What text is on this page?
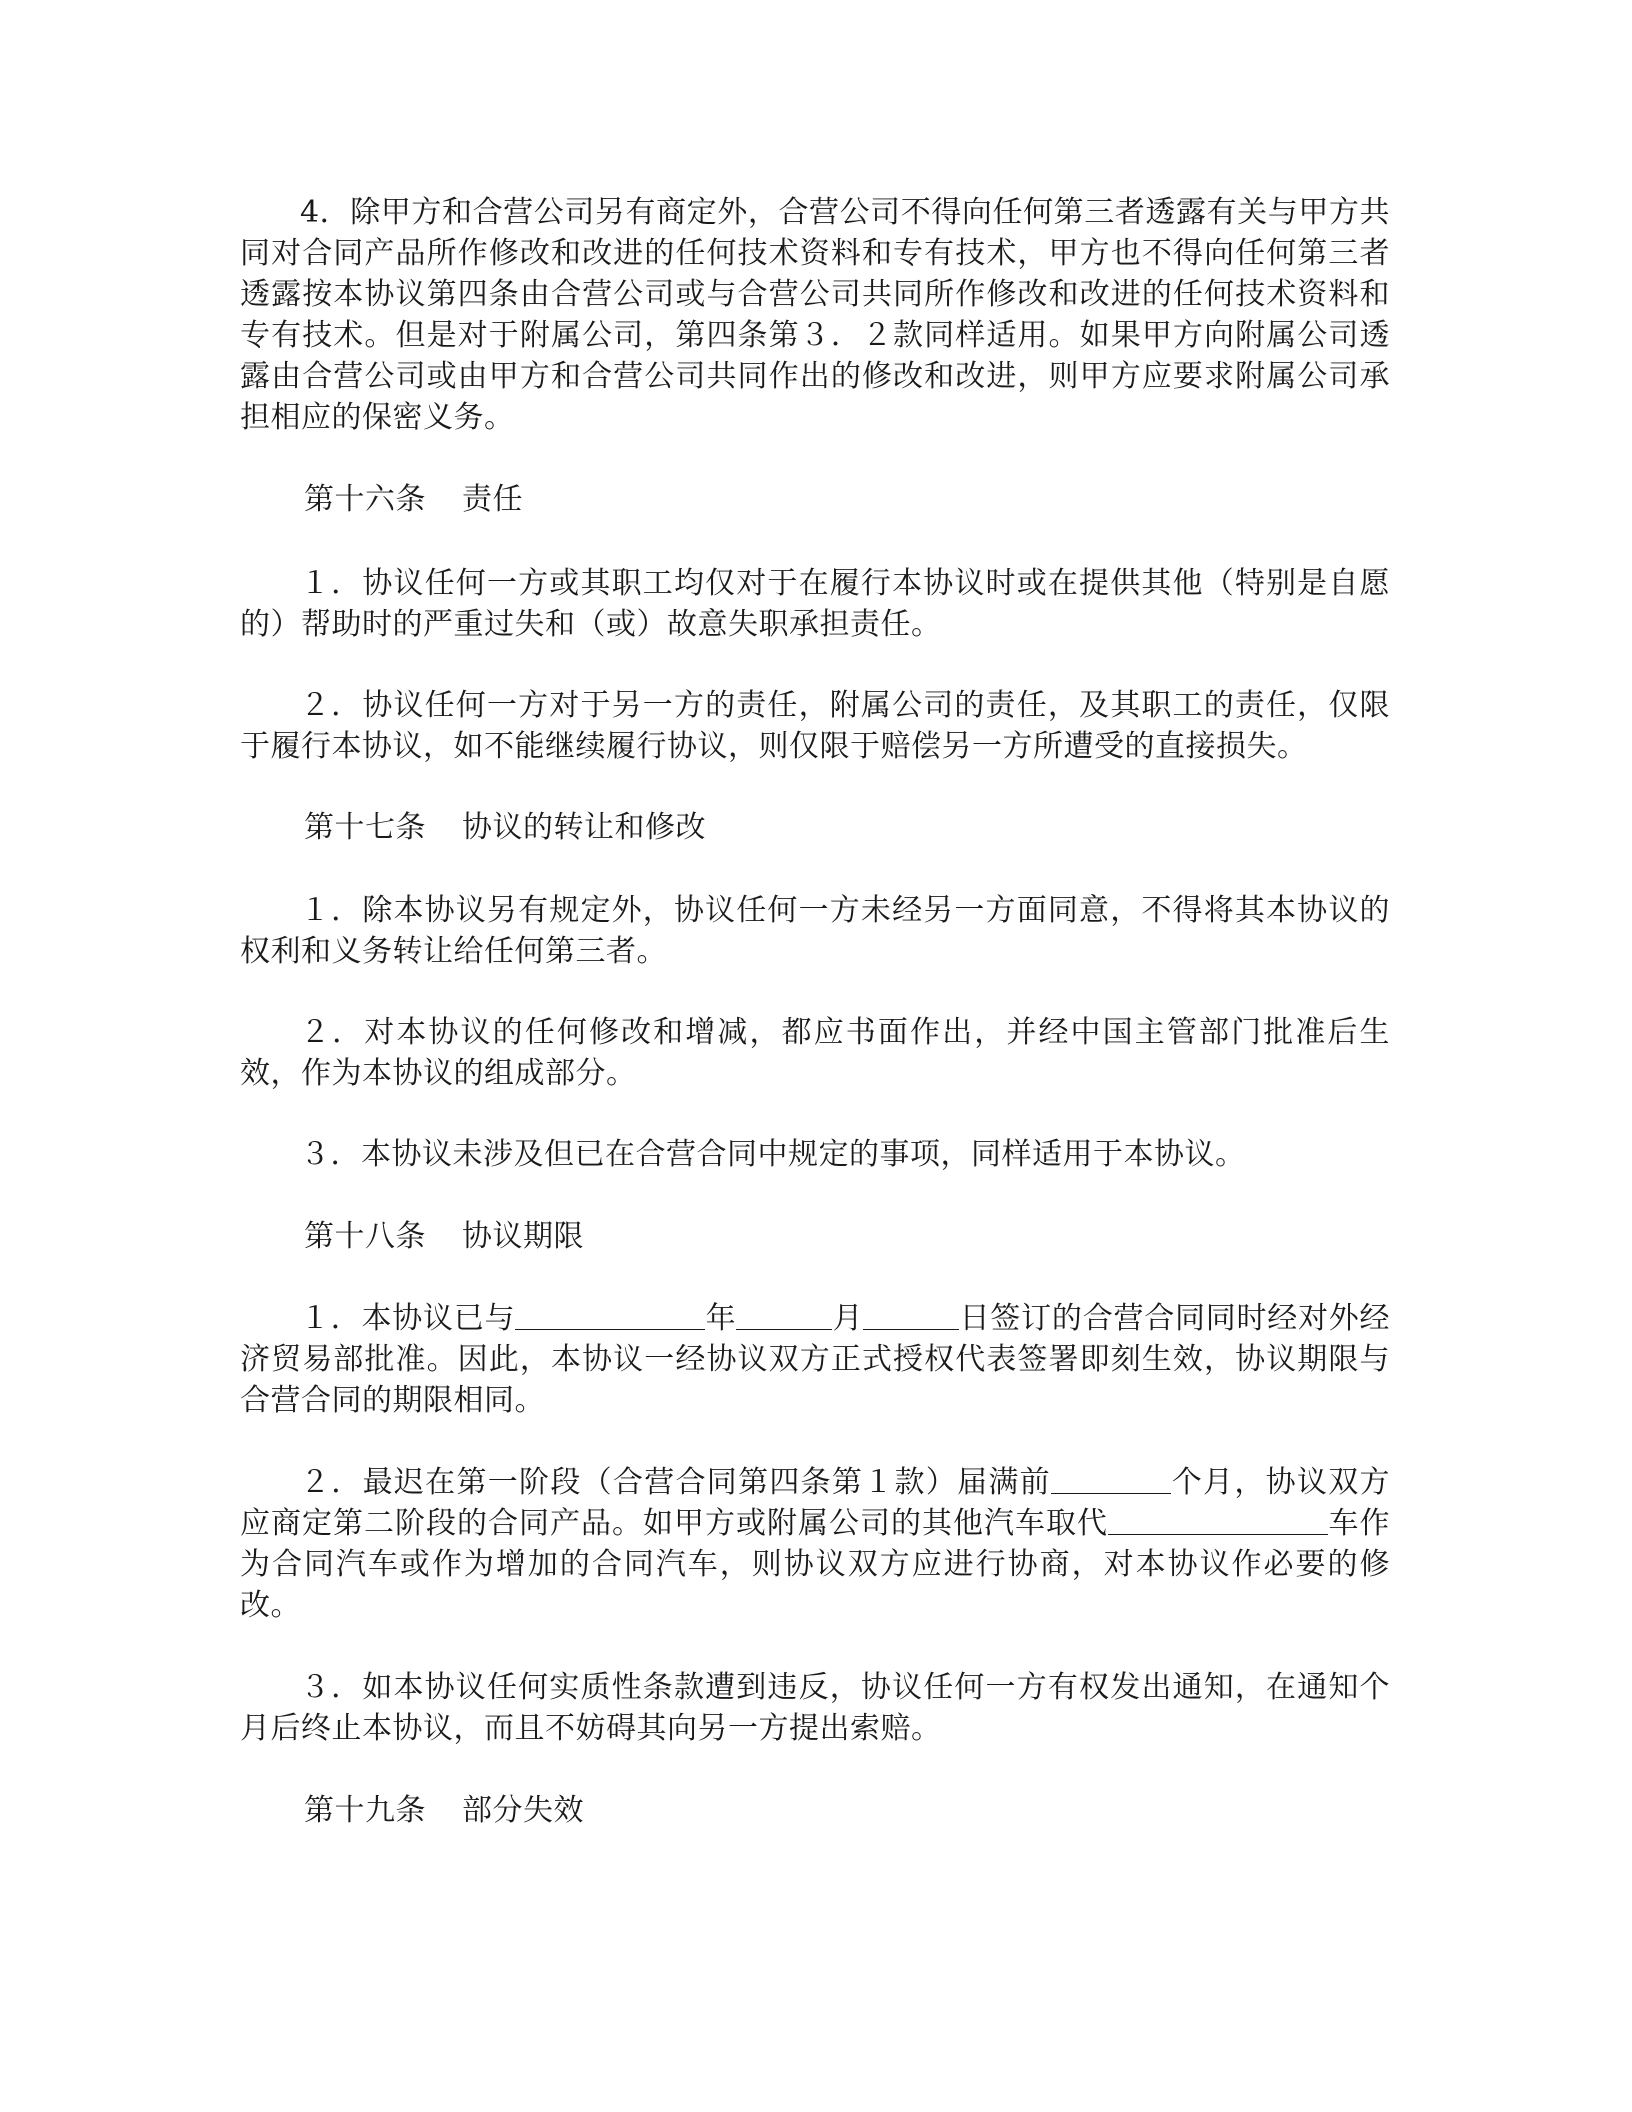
4．除甲方和合营公司另有商定外，合营公司不得向任何第三者透露有关与甲方共同对合同产品所作修改和改进的任何技术资料和专有技术，甲方也不得向任何第三者透露按本协议第四条由合营公司或与合营公司共同所作修改和改进的任何技术资料和专有技术。但是对于附属公司，第四条第３．２款同样适用。如果甲方向附属公司透露由合营公司或由甲方和合营公司共同作出的修改和改进，则甲方应要求附属公司承担相应的保密义务。

第十六条 责任

１．协议任何一方或其职工均仅对于在履行本协议时或在提供其他（特别是自愿的）帮助时的严重过失和（或）故意失职承担责任。

２．协议任何一方对于另一方的责任，附属公司的责任，及其职工的责任，仅限于履行本协议，如不能继续履行协议，则仅限于赔偿另一方所遭受的直接损失。

第十七条 协议的转让和修改

１．除本协议另有规定外，协议任何一方未经另一方面同意，不得将其本协议的权利和义务转让给任何第三者。

２．对本协议的任何修改和增减，都应书面作出，并经中国主管部门批准后生效，作为本协议的组成部分。

３．本协议未涉及但已在合营合同中规定的事项，同样适用于本协议。

第十八条 协议期限

１．本协议已与	年	月	日签订的合营合同同时经对外经济贸易部批准。因此，本协议一经协议双方正式授权代表签署即刻生效，协议期限与合营合同的期限相同。

２．最迟在第一阶段（合营合同第四条第１款）届满前	个月，协议双方应商定第二阶段的合同产品。如甲方或附属公司的其他汽车取代	车作为合同汽车或作为增加的合同汽车，则协议双方应进行协商，对本协议作必要的修改。

３．如本协议任何实质性条款遭到违反，协议任何一方有权发出通知，在通知个月后终止本协议，而且不妨碍其向另一方提出索赔。

第十九条 部分失效
